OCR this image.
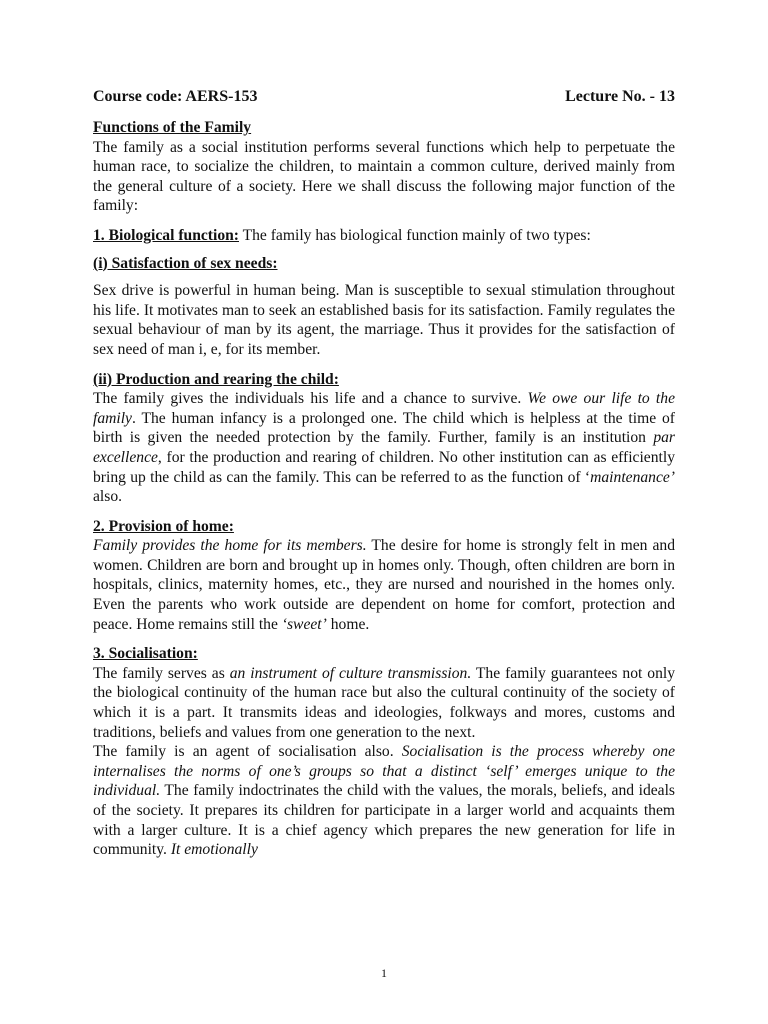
Course code: AERS-153	Lecture No. - 13
Functions of the Family

The family as a social institution performs several functions which help to perpetuate the human race, to socialize the children, to maintain a common culture, derived mainly from the general culture of a society. Here we shall discuss the following major function of the family:

1. Biological function: The family has biological function mainly of two types:

(i) Satisfaction of sex needs:

Sex drive is powerful in human being. Man is susceptible to sexual stimulation throughout his life. It motivates man to seek an established basis for its satisfaction. Family regulates the sexual behaviour of man by its agent, the marriage. Thus it provides for the satisfaction of sex need of man i, e, for its member.

(ii) Production and rearing the child:

The family gives the individuals his life and a chance to survive. We owe our life to the family. The human infancy is a prolonged one. The child which is helpless at the time of birth is given the needed protection by the family. Further, family is an institution par excellence, for the production and rearing of children. No other institution can as efficiently bring up the child as can the family. This can be referred to as the function of ‘maintenance’ also.

2. Provision of home:

Family provides the home for its members. The desire for home is strongly felt in men and women. Children are born and brought up in homes only. Though, often children are born in hospitals, clinics, maternity homes, etc., they are nursed and nourished in the homes only. Even the parents who work outside are dependent on home for comfort, protection and peace. Home remains still the ‘sweet’ home.

3. Socialisation:

The family serves as an instrument of culture transmission. The family guarantees not only the biological continuity of the human race but also the cultural continuity of the society of which it is a part. It transmits ideas and ideologies, folkways and mores, customs and traditions, beliefs and values from one generation to the next.

The family is an agent of socialisation also. Socialisation is the process whereby one internalises the norms of one’s groups so that a distinct ‘self’ emerges unique to the individual. The family indoctrinates the child with the values, the morals, beliefs, and ideals of the society. It prepares its children for participate in a larger world and acquaints them with a larger culture. It is a chief agency which prepares the new generation for life in community. It emotionally

1
